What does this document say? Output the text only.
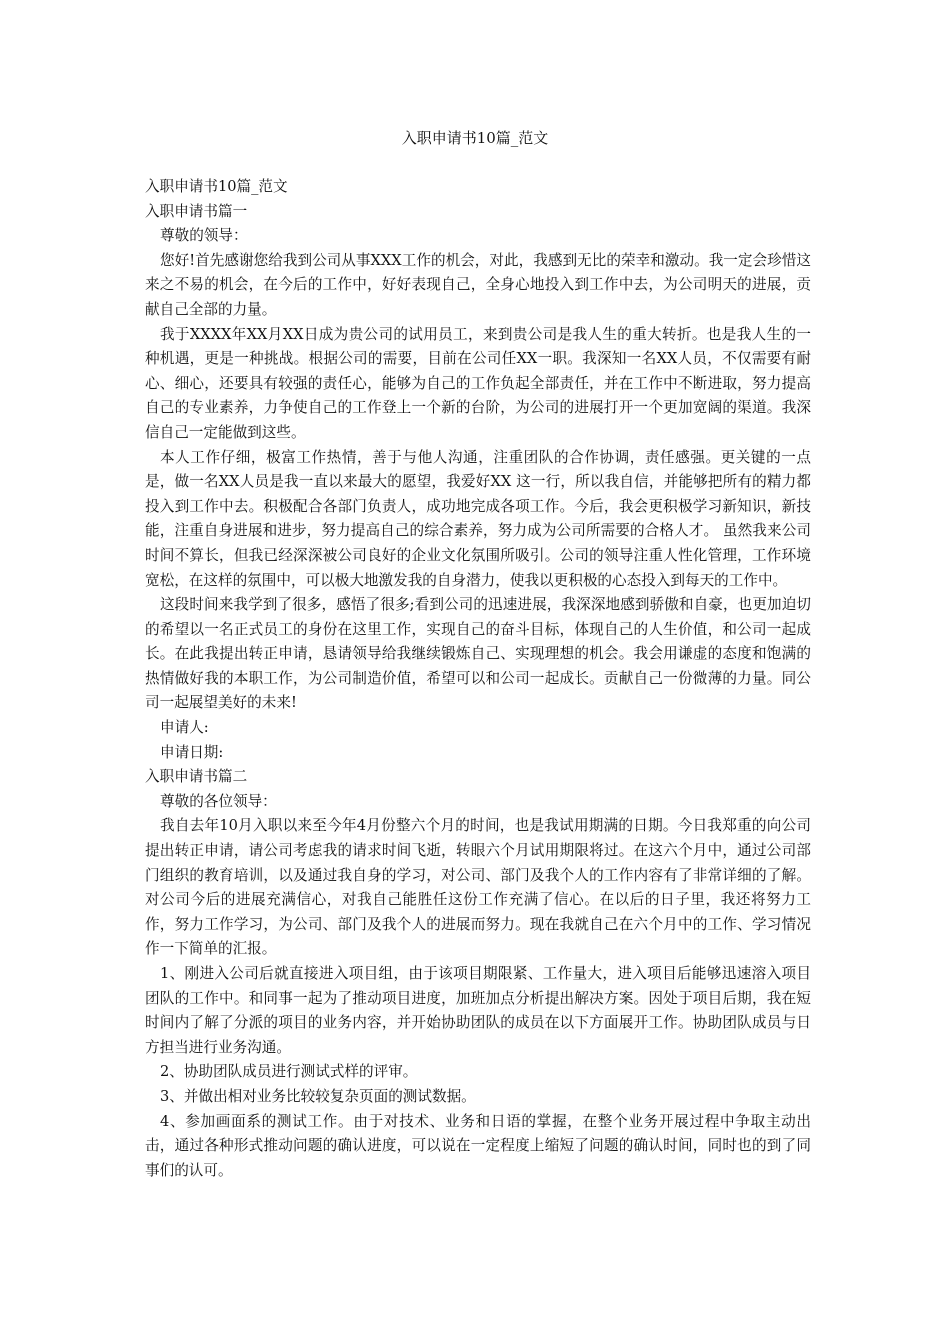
入职申请书10篇_范文

入职申请书10篇_范文

入职申请书篇一

尊敬的领导：

您好!首先感谢您给我到公司从事XXX工作的机会，对此，我感到无比的荣幸和激动。我一定会珍惜这来之不易的机会，在今后的工作中，好好表现自己，全身心地投入到工作中去，为公司明天的进展，贡献自己全部的力量。

我于XXXX年XX月XX日成为贵公司的试用员工，来到贵公司是我人生的重大转折。也是我人生的一种机遇，更是一种挑战。根据公司的需要，目前在公司任XX一职。我深知一名XX人员，不仅需要有耐心、细心，还要具有较强的责任心，能够为自己的工作负起全部责任，并在工作中不断进取，努力提高自己的专业素养，力争使自己的工作登上一个新的台阶，为公司的进展打开一个更加宽阔的渠道。我深信自己一定能做到这些。

本人工作仔细，极富工作热情，善于与他人沟通，注重团队的合作协调，责任感强。更关键的一点是，做一名XX人员是我一直以来最大的愿望，我爱好XX 这一行，所以我自信，并能够把所有的精力都投入到工作中去。积极配合各部门负责人，成功地完成各项工作。今后，我会更积极学习新知识，新技能，注重自身进展和进步，努力提高自己的综合素养，努力成为公司所需要的合格人才。 虽然我来公司时间不算长，但我已经深深被公司良好的企业文化氛围所吸引。公司的领导注重人性化管理，工作环境宽松，在这样的氛围中，可以极大地激发我的自身潜力，使我以更积极的心态投入到每天的工作中。

这段时间来我学到了很多，感悟了很多;看到公司的迅速进展，我深深地感到骄傲和自豪，也更加迫切的希望以一名正式员工的身份在这里工作，实现自己的奋斗目标，体现自己的人生价值，和公司一起成长。在此我提出转正申请，恳请领导给我继续锻炼自己、实现理想的机会。我会用谦虚的态度和饱满的热情做好我的本职工作，为公司制造价值，希望可以和公司一起成长。贡献自己一份微薄的力量。同公司一起展望美好的未来!

申请人:

申请日期:

入职申请书篇二

尊敬的各位领导：

我自去年10月入职以来至今年4月份整六个月的时间，也是我试用期满的日期。今日我郑重的向公司提出转正申请，请公司考虑我的请求时间飞逝，转眼六个月试用期限将过。在这六个月中，通过公司部门组织的教育培训，以及通过我自身的学习，对公司、部门及我个人的工作内容有了非常详细的了解。对公司今后的进展充满信心，对我自己能胜任这份工作充满了信心。在以后的日子里，我还将努力工作，努力工作学习，为公司、部门及我个人的进展而努力。现在我就自己在六个月中的工作、学习情况作一下简单的汇报。

1、刚进入公司后就直接进入项目组，由于该项目期限紧、工作量大，进入项目后能够迅速溶入项目团队的工作中。和同事一起为了推动项目进度，加班加点分析提出解决方案。因处于项目后期，我在短时间内了解了分派的项目的业务内容，并开始协助团队的成员在以下方面展开工作。协助团队成员与日方担当进行业务沟通。

2、协助团队成员进行测试式样的评审。

3、并做出相对业务比较较复杂页面的测试数据。

4、参加画面系的测试工作。由于对技术、业务和日语的掌握，在整个业务开展过程中争取主动出击，通过各种形式推动问题的确认进度，可以说在一定程度上缩短了问题的确认时间，同时也的到了同事们的认可。
